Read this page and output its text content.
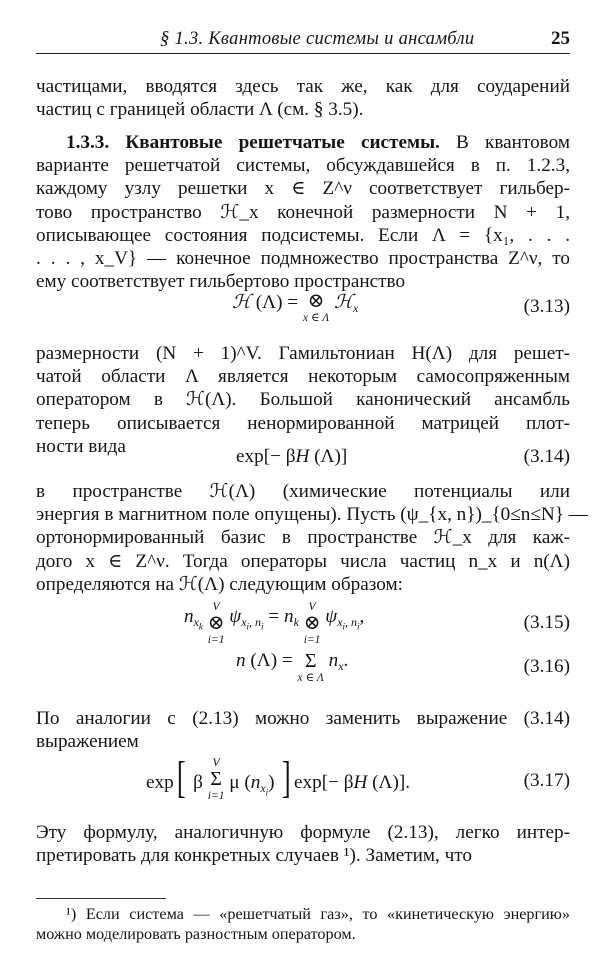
§ 1.3. Квантовые системы и ансамбли	25

частицами, вводятся здесь так же, как для соударений

частиц с границей области Λ (см. § 3.5).

1.3.3. Квантовые решетчатые системы. В квантовом

варианте решетчатой системы, обсуждавшейся в п. 1.2.3,

каждому узлу решетки x ∈ Z^ν соответствует гильбер-

тово пространство ℋ_x конечной размерности N + 1,

описывающее состояния подсистемы. Если Λ = {x₁, . . .

. . . , x_V} — конечное подмножество пространства Z^ν, то

ему соответствует гильбертово пространство

ℋ (Λ) = ⊗
x ∈ Λ
ℋ$_x$	(3.13)

размерности (N + 1)^V. Гамильтониан H(Λ) для решет-

чатой области Λ является некоторым самосопряженным

оператором в ℋ(Λ). Большой канонический ансамбль

теперь описывается ненормированной матрицей плот-

ности вида	exp[− βH (Λ)]	(3.14)

в пространстве ℋ(Λ) (химические потенциалы или

энергия в магнитном поле опущены). Пусть (ψ_{x, n})_{0≤n≤N} —

ортонормированный базис в пространстве ℋ_x для каж-

дого x ∈ Z^ν. Тогда операторы числа частиц n_x и n(Λ)

определяются на ℋ(Λ) следующим образом:

$n_{x_k}$
V
⊗
i=1
$\psi_{x_i, n_i} = n_k$
V
⊗
i=1
$\psi_{x_i, n_i}$,	(3.15)
n (Λ) = Σ
x ∈ Λ
$n_x$.	(3.16)

По аналогии с (2.13) можно заменить выражение (3.14)

выражением

exp[ β
V
Σ
i=1
μ $(n_{x_i})$ ] exp[− βH (Λ)].	(3.17)

Эту формулу, аналогичную формуле (2.13), легко интер-

претировать для конкретных случаев ¹). Заметим, что

¹) Если система — «решетчатый газ», то «кинетическую энергию»

можно моделировать разностным оператором.
